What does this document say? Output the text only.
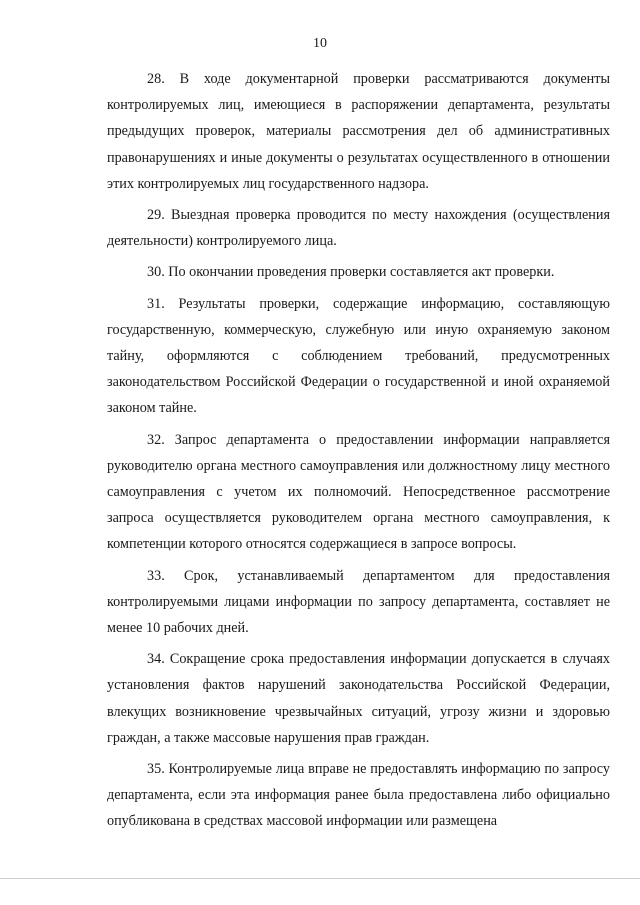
10

28. В ходе документарной проверки рассматриваются документы контролируемых лиц, имеющиеся в распоряжении департамента, результаты предыдущих проверок, материалы рассмотрения дел об административных правонарушениях и иные документы о результатах осуществленного в отношении этих контролируемых лиц государственного надзора.

29. Выездная проверка проводится по месту нахождения (осуществления деятельности) контролируемого лица.

30. По окончании проведения проверки составляется акт проверки.

31. Результаты проверки, содержащие информацию, составляющую государственную, коммерческую, служебную или иную охраняемую законом тайну, оформляются с соблюдением требований, предусмотренных законодательством Российской Федерации о государственной и иной охраняемой законом тайне.

32. Запрос департамента о предоставлении информации направляется руководителю органа местного самоуправления или должностному лицу местного самоуправления с учетом их полномочий. Непосредственное рассмотрение запроса осуществляется руководителем органа местного самоуправления, к компетенции которого относятся содержащиеся в запросе вопросы.

33. Срок, устанавливаемый департаментом для предоставления контролируемыми лицами информации по запросу департамента, составляет не менее 10 рабочих дней.

34. Сокращение срока предоставления информации допускается в случаях установления фактов нарушений законодательства Российской Федерации, влекущих возникновение чрезвычайных ситуаций, угрозу жизни и здоровью граждан, а также массовые нарушения прав граждан.

35. Контролируемые лица вправе не предоставлять информацию по запросу департамента, если эта информация ранее была предоставлена либо официально опубликована в средствах массовой информации или размещена
